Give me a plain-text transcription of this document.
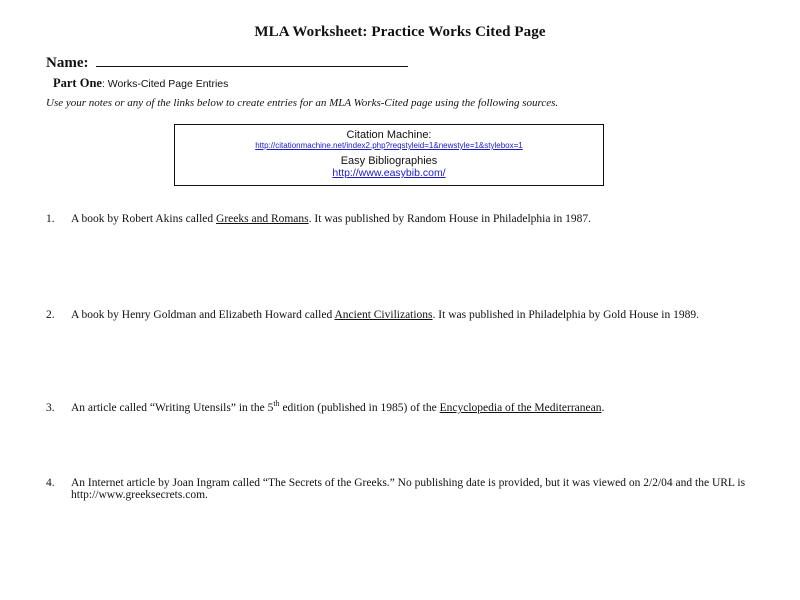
MLA Worksheet: Practice Works Cited Page
Name:
Part One: Works-Cited Page Entries
Use your notes or any of the links below to create entries for an MLA Works-Cited page using the following sources.
Citation Machine:
http://citationmachine.net/index2.php?reqstyleid=1&newstyle=1&stylebox=1
Easy Bibliographies
http://www.easybib.com/
1. A book by Robert Akins called Greeks and Romans. It was published by Random House in Philadelphia in 1987.
2. A book by Henry Goldman and Elizabeth Howard called Ancient Civilizations. It was published in Philadelphia by Gold House in 1989.
3. An article called “Writing Utensils” in the 5th edition (published in 1985) of the Encyclopedia of the Mediterranean.
4. An Internet article by Joan Ingram called “The Secrets of the Greeks.” No publishing date is provided, but it was viewed on 2/2/04 and the URL is http://www.greeksecrets.com.
